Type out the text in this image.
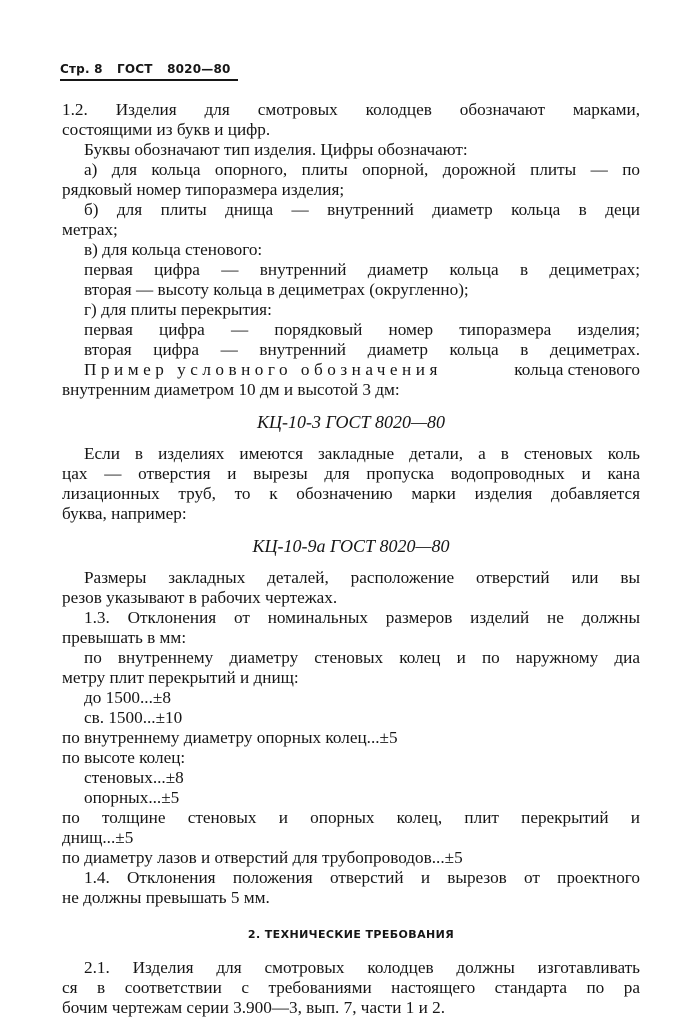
Стр. 8 ГОСТ 8020—80
1.2. Изделия для смотровых колодцев обозначают марками,
состоящими из букв и цифр.
Буквы обозначают тип изделия. Цифры обозначают:
а) для кольца опорного, плиты опорной, дорожной плиты — по
рядковый номер типоразмера изделия;
б) для плиты днища — внутренний диаметр кольца в деци
метрах;
в) для кольца стенового:
первая цифра — внутренний диаметр кольца в дециметрах;
вторая — высоту кольца в дециметрах (округленно);
г) для плиты перекрытия:
первая цифра — порядковый номер типоразмера изделия;
вторая цифра — внутренний диаметр кольца в дециметрах.
Пример условного обозначения	кольца стенового
внутренним диаметром 10 дм и высотой 3 дм:
КЦ-10-3 ГОСТ 8020—80
Если в изделиях имеются закладные детали, а в стеновых коль
цах — отверстия и вырезы для пропуска водопроводных и кана
лизационных труб, то к обозначению марки изделия добавляется
буква, например:
КЦ-10-9а ГОСТ 8020—80
Размеры закладных деталей, расположение отверстий или вы
резов указывают в рабочих чертежах.
1.3. Отклонения от номинальных размеров изделий не должны
превышать в мм:
по внутреннему диаметру стеновых колец и по наружному диа
метру плит перекрытий и днищ:
до 1500...±8
св. 1500...±10
по внутреннему диаметру опорных колец...±5
по высоте колец:
стеновых...±8
опорных...±5
по толщине стеновых и опорных колец, плит перекрытий и
днищ...±5
по диаметру лазов и отверстий для трубопроводов...±5
1.4. Отклонения положения отверстий и вырезов от проектного
не должны превышать 5 мм.
2. ТЕХНИЧЕСКИЕ ТРЕБОВАНИЯ
2.1. Изделия для смотровых колодцев должны изготавливать
ся в соответствии с требованиями настоящего стандарта по ра
бочим чертежам серии 3.900—3, вып. 7, части 1 и 2.
